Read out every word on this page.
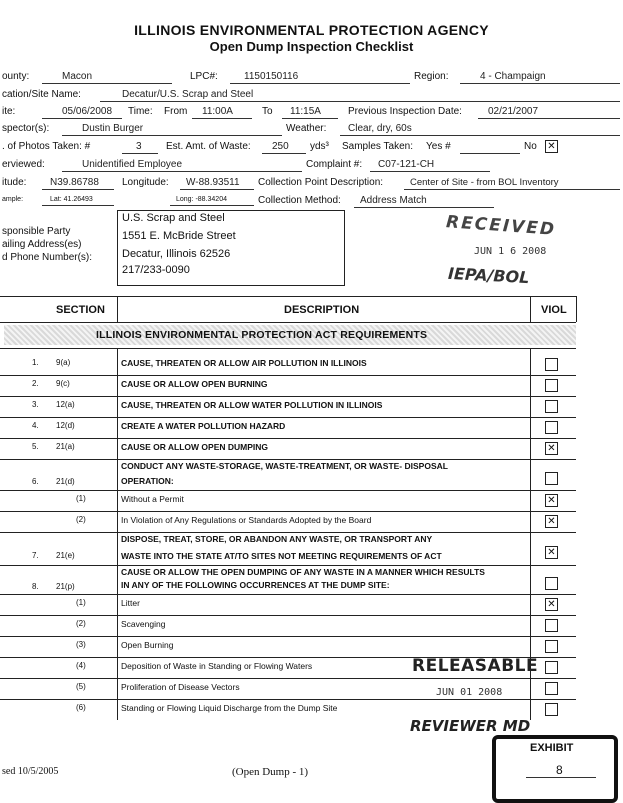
ILLINOIS ENVIRONMENTAL PROTECTION AGENCY
Open Dump Inspection Checklist
ounty:	Macon	LPC#:	1150150116	Region:	4 - Champaign
cation/Site Name:	Decatur/U.S. Scrap and Steel
ite:	05/06/2008 Time: From 11:00A	To 11:15A	Previous Inspection Date:	02/21/2007
spector(s):	Dustin Burger	Weather: Clear, dry, 60s
. of Photos Taken: #	3 Est. Amt. of Waste: 250 yds³ Samples Taken: Yes #	No ✕
erviewed:	Unidentified Employee	Complaint #: C07-121-CH
itude: N39.86788 Longitude: W-88.93511 Collection Point Description:	Center of Site - from BOL Inventory
ample:	Lat: 41.26493	Long: -88.34204	Collection Method: Address Match
sponsible Party
ailing Address(es)
d Phone Number(s):
U.S. Scrap and Steel
1551 E. McBride Street
Decatur, Illinois 62526
217/233-0090
RECEIVED
JUN 1 6 2008
IEPA/BOL
SECTION	DESCRIPTION	VIOL
ILLINOIS ENVIRONMENTAL PROTECTION ACT REQUIREMENTS
1. 9(a)	CAUSE, THREATEN OR ALLOW AIR POLLUTION IN ILLINOIS
2. 9(c)	CAUSE OR ALLOW OPEN BURNING
3. 12(a)	CAUSE, THREATEN OR ALLOW WATER POLLUTION IN ILLINOIS
4. 12(d)	CREATE A WATER POLLUTION HAZARD
5. 21(a)	CAUSE OR ALLOW OPEN DUMPING	✕
6. 21(d)
CONDUCT ANY WASTE-STORAGE, WASTE-TREATMENT, OR WASTE- DISPOSAL
OPERATION:
(1)	Without a Permit	✕
(2)	In Violation of Any Regulations or Standards Adopted by the Board	✕
7. 21(e)
DISPOSE, TREAT, STORE, OR ABANDON ANY WASTE, OR TRANSPORT ANY
WASTE INTO THE STATE AT/TO SITES NOT MEETING REQUIREMENTS OF ACT	✕
8. 21(p)
CAUSE OR ALLOW THE OPEN DUMPING OF ANY WASTE IN A MANNER WHICH RESULTS
IN ANY OF THE FOLLOWING OCCURRENCES AT THE DUMP SITE:
(1)	Litter	✕
(2)	Scavenging
(3)	Open Burning
(4)	Deposition of Waste in Standing or Flowing Waters
(5)	Proliferation of Disease Vectors
(6)	Standing or Flowing Liquid Discharge from the Dump Site
RELEASABLE
JUN 01 2008
REVIEWER MD
EXHIBIT
8
sed 10/5/2005	(Open Dump - 1)
